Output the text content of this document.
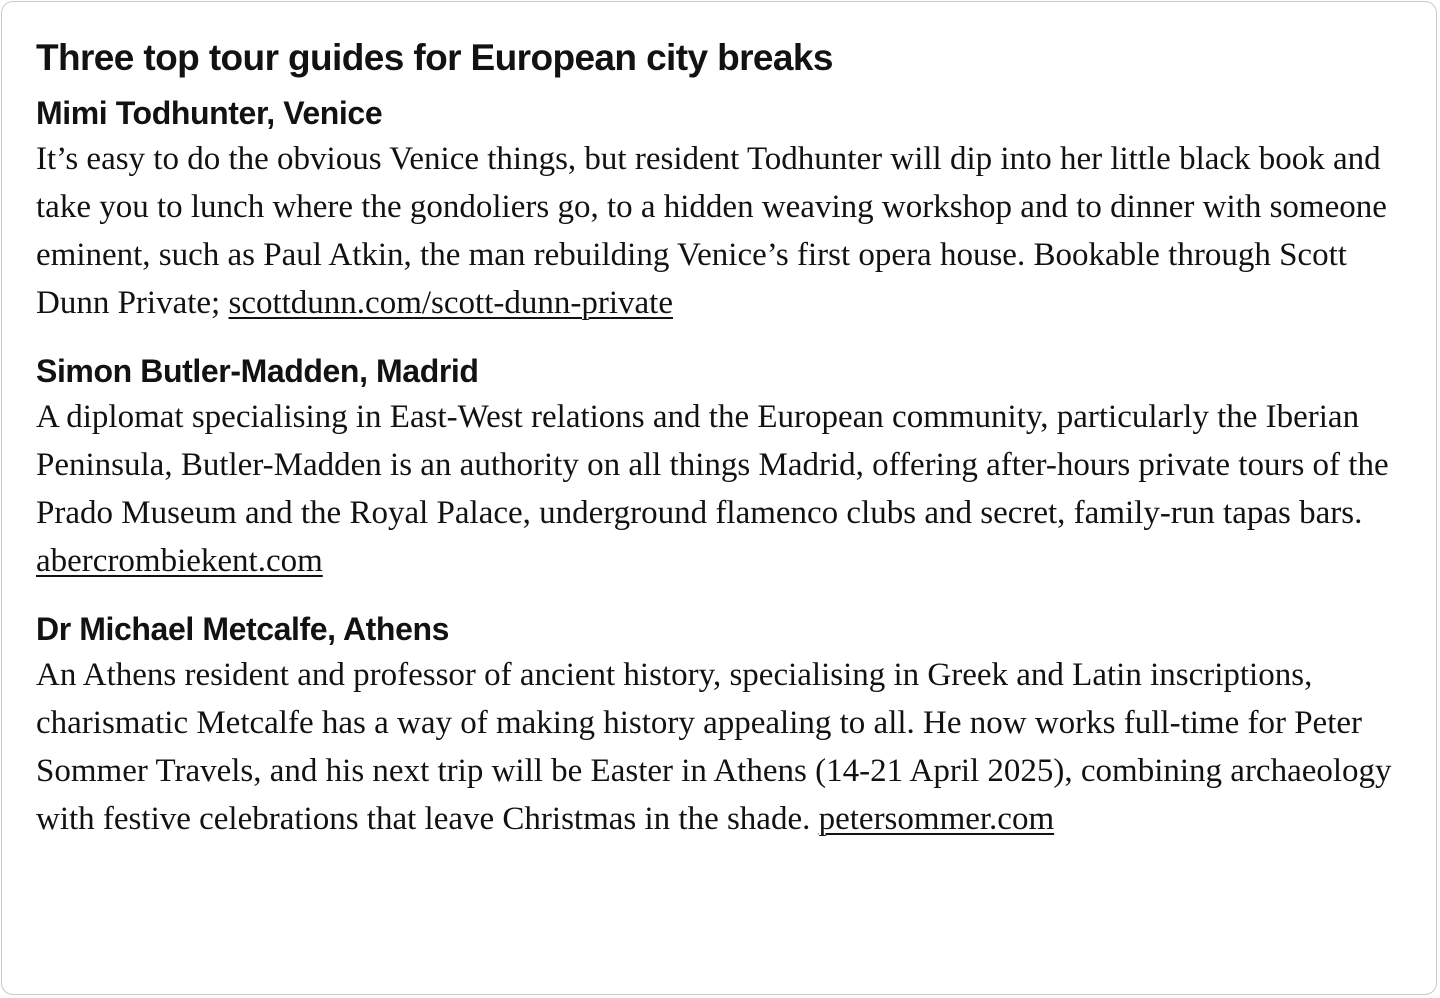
Three top tour guides for European city breaks
Mimi Todhunter, Venice

It’s easy to do the obvious Venice things, but resident Todhunter will dip into her little black book and take you to lunch where the gondoliers go, to a hidden weaving workshop and to dinner with someone eminent, such as Paul Atkin, the man rebuilding Venice’s first opera house. Bookable through Scott Dunn Private; scottdunn.com/scott-dunn-private

Simon Butler-Madden, Madrid

A diplomat specialising in East-West relations and the European community, particularly the Iberian Peninsula, Butler-Madden is an authority on all things Madrid, offering after-hours private tours of the Prado Museum and the Royal Palace, underground flamenco clubs and secret, family-run tapas bars. abercrombiekent.com

Dr Michael Metcalfe, Athens

An Athens resident and professor of ancient history, specialising in Greek and Latin inscriptions, charismatic Metcalfe has a way of making history appealing to all. He now works full-time for Peter Sommer Travels, and his next trip will be Easter in Athens (14-21 April 2025), combining archaeology with festive celebrations that leave Christmas in the shade. petersommer.com
